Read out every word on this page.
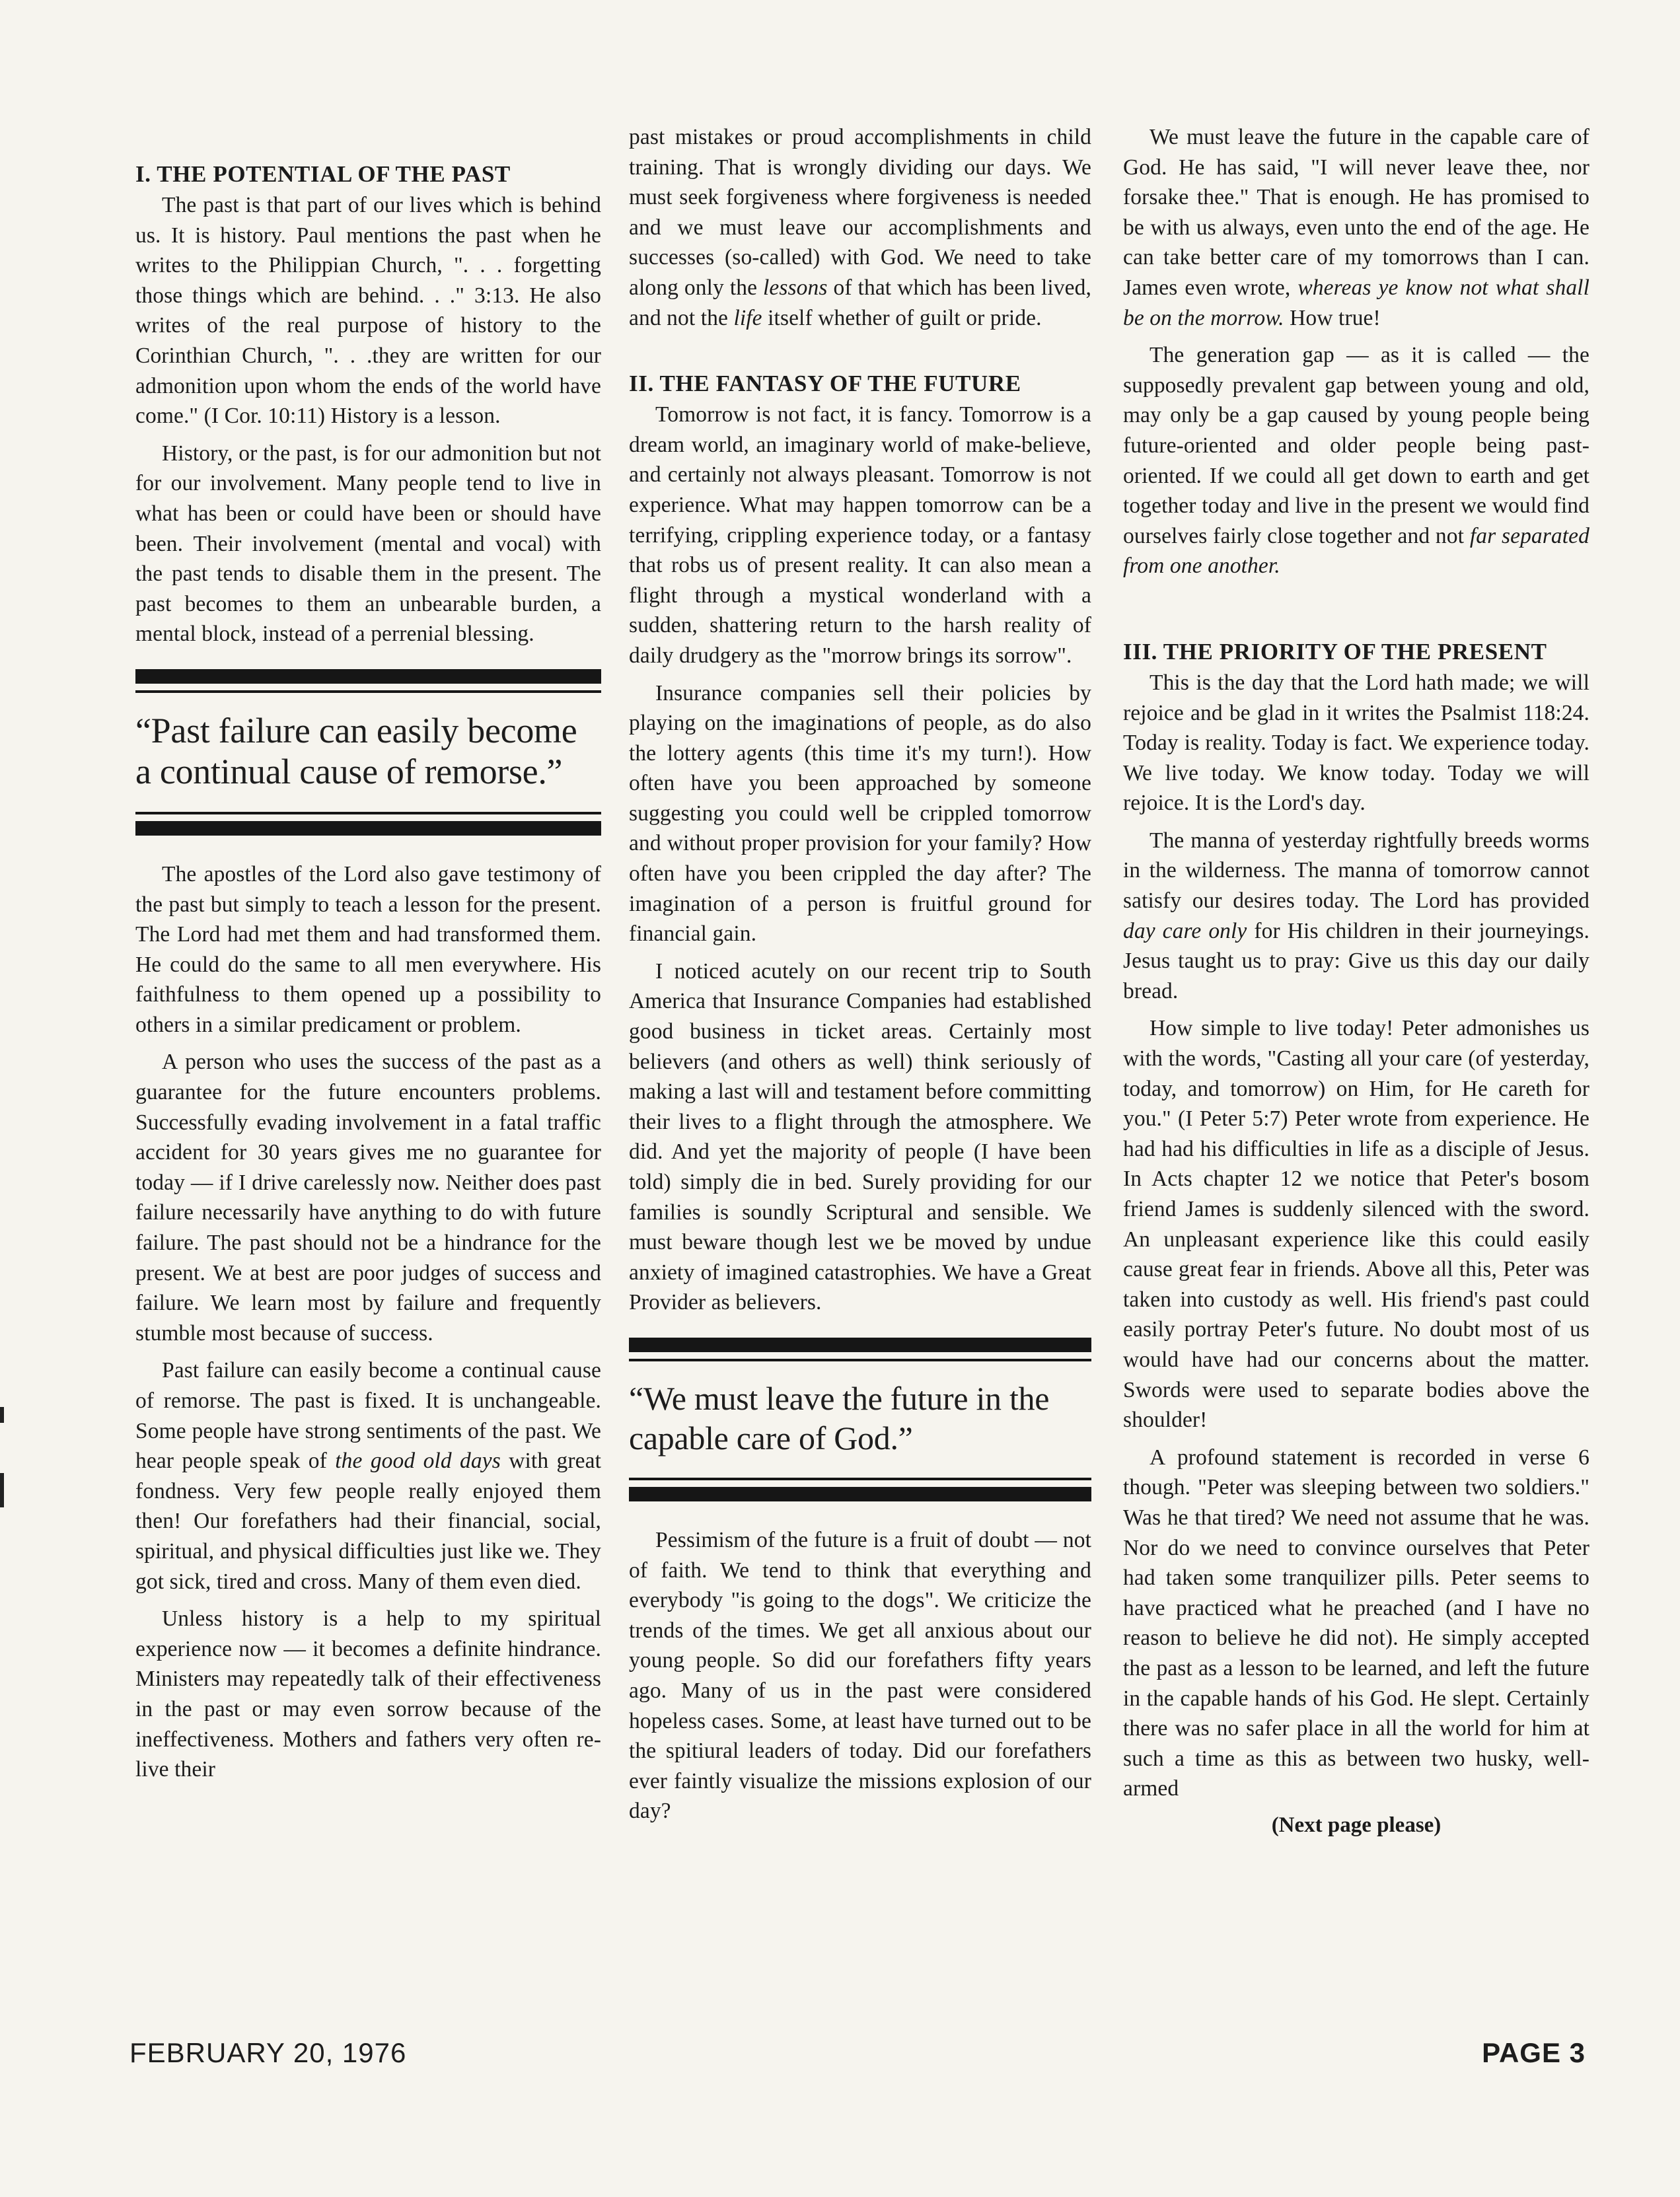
I. THE POTENTIAL OF THE PAST

The past is that part of our lives which is behind us. It is history. Paul mentions the past when he writes to the Philippian Church, ". . . forgetting those things which are behind. . ." 3:13. He also writes of the real purpose of history to the Corinthian Church, ". . .they are written for our admonition upon whom the ends of the world have come." (I Cor. 10:11) History is a lesson.

History, or the past, is for our admonition but not for our involvement. Many people tend to live in what has been or could have been or should have been. Their involvement (mental and vocal) with the past tends to disable them in the present. The past becomes to them an unbearable burden, a mental block, instead of a perrenial blessing.

“Past failure can easily become a continual cause of remorse.”

The apostles of the Lord also gave testimony of the past but simply to teach a lesson for the present. The Lord had met them and had transformed them. He could do the same to all men everywhere. His faithfulness to them opened up a possibility to others in a similar predicament or problem.

A person who uses the success of the past as a guarantee for the future encounters problems. Successfully evading involvement in a fatal traffic accident for 30 years gives me no guarantee for today — if I drive carelessly now. Neither does past failure necessarily have anything to do with future failure. The past should not be a hindrance for the present. We at best are poor judges of success and failure. We learn most by failure and frequently stumble most because of success.

Past failure can easily become a continual cause of remorse. The past is fixed. It is unchangeable. Some people have strong sentiments of the past. We hear people speak of the good old days with great fondness. Very few people really enjoyed them then! Our forefathers had their financial, social, spiritual, and physical difficulties just like we. They got sick, tired and cross. Many of them even died.

Unless history is a help to my spiritual experience now — it becomes a definite hindrance. Ministers may repeatedly talk of their effectiveness in the past or may even sorrow because of the ineffectiveness. Mothers and fathers very often re-live their

past mistakes or proud accomplishments in child training. That is wrongly dividing our days. We must seek forgiveness where forgiveness is needed and we must leave our accomplishments and successes (so-called) with God. We need to take along only the lessons of that which has been lived, and not the life itself whether of guilt or pride.

II. THE FANTASY OF THE FUTURE

Tomorrow is not fact, it is fancy. Tomorrow is a dream world, an imaginary world of make-believe, and certainly not always pleasant. Tomorrow is not experience. What may happen tomorrow can be a terrifying, crippling experience today, or a fantasy that robs us of present reality. It can also mean a flight through a mystical wonderland with a sudden, shattering return to the harsh reality of daily drudgery as the "morrow brings its sorrow".

Insurance companies sell their policies by playing on the imaginations of people, as do also the lottery agents (this time it's my turn!). How often have you been approached by someone suggesting you could well be crippled tomorrow and without proper provision for your family? How often have you been crippled the day after? The imagination of a person is fruitful ground for financial gain.

I noticed acutely on our recent trip to South America that Insurance Companies had established good business in ticket areas. Certainly most believers (and others as well) think seriously of making a last will and testament before committing their lives to a flight through the atmosphere. We did. And yet the majority of people (I have been told) simply die in bed. Surely providing for our families is soundly Scriptural and sensible. We must beware though lest we be moved by undue anxiety of imagined catastrophies. We have a Great Provider as believers.

“We must leave the future in the capable care of God.”

Pessimism of the future is a fruit of doubt — not of faith. We tend to think that everything and everybody "is going to the dogs". We criticize the trends of the times. We get all anxious about our young people. So did our forefathers fifty years ago. Many of us in the past were considered hopeless cases. Some, at least have turned out to be the spitiural leaders of today. Did our forefathers ever faintly visualize the missions explosion of our day?

We must leave the future in the capable care of God. He has said, "I will never leave thee, nor forsake thee." That is enough. He has promised to be with us always, even unto the end of the age. He can take better care of my tomorrows than I can. James even wrote, whereas ye know not what shall be on the morrow. How true!

The generation gap — as it is called — the supposedly prevalent gap between young and old, may only be a gap caused by young people being future-oriented and older people being past-oriented. If we could all get down to earth and get together today and live in the present we would find ourselves fairly close together and not far separated from one another.

III. THE PRIORITY OF THE PRESENT

This is the day that the Lord hath made; we will rejoice and be glad in it writes the Psalmist 118:24. Today is reality. Today is fact. We experience today. We live today. We know today. Today we will rejoice. It is the Lord's day.

The manna of yesterday rightfully breeds worms in the wilderness. The manna of tomorrow cannot satisfy our desires today. The Lord has provided day care only for His children in their journeyings. Jesus taught us to pray: Give us this day our daily bread.

How simple to live today! Peter admonishes us with the words, "Casting all your care (of yesterday, today, and tomorrow) on Him, for He careth for you." (I Peter 5:7) Peter wrote from experience. He had had his difficulties in life as a disciple of Jesus. In Acts chapter 12 we notice that Peter's bosom friend James is suddenly silenced with the sword. An unpleasant experience like this could easily cause great fear in friends. Above all this, Peter was taken into custody as well. His friend's past could easily portray Peter's future. No doubt most of us would have had our concerns about the matter. Swords were used to separate bodies above the shoulder!

A profound statement is recorded in verse 6 though. "Peter was sleeping between two soldiers." Was he that tired? We need not assume that he was. Nor do we need to convince ourselves that Peter had taken some tranquilizer pills. Peter seems to have practiced what he preached (and I have no reason to believe he did not). He simply accepted the past as a lesson to be learned, and left the future in the capable hands of his God. He slept. Certainly there was no safer place in all the world for him at such a time as this as between two husky, well-armed

(Next page please)
FEBRUARY 20, 1976	PAGE 3
